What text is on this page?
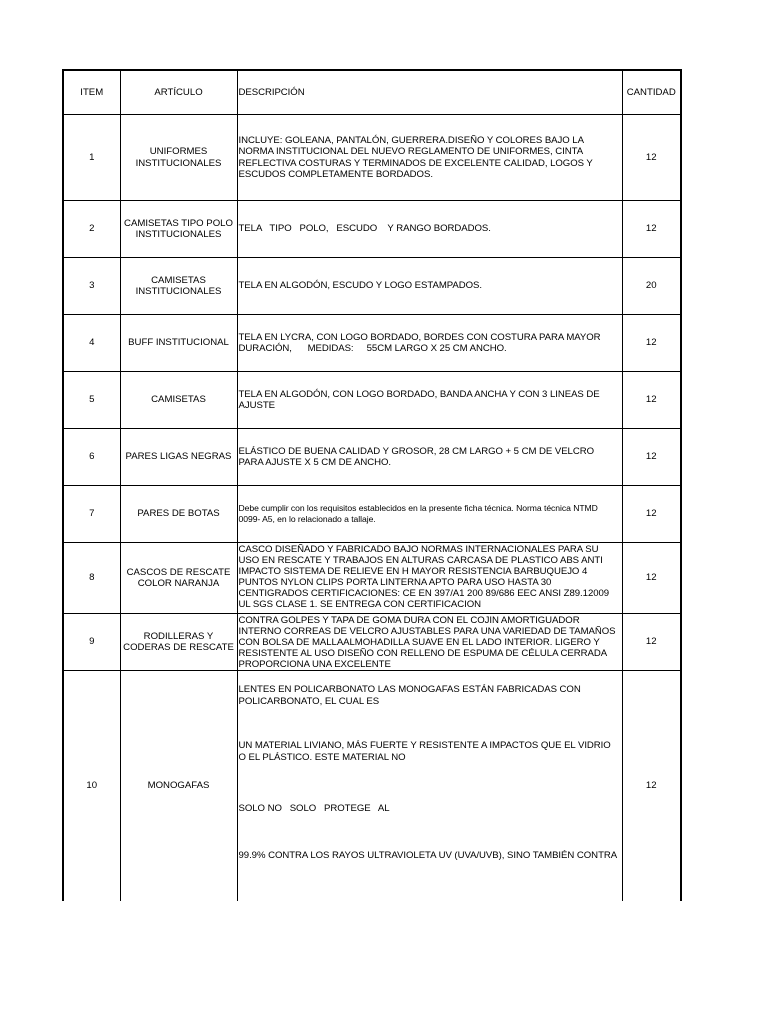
ITEM	ARTÍCULO	DESCRIPCIÓN	CANTIDAD
1	UNIFORMES INSTITUCIONALES	INCLUYE: GOLEANA, PANTALÓN, GUERRERA.DISEÑO Y COLORES BAJO LA NORMA INSTITUCIONAL DEL NUEVO REGLAMENTO DE UNIFORMES, CINTA REFLECTIVA COSTURAS Y TERMINADOS DE EXCELENTE CALIDAD, LOGOS Y ESCUDOS COMPLETAMENTE BORDADOS.	12
2	CAMISETAS TIPO POLO INSTITUCIONALES	TELA   TIPO   POLO,   ESCUDO    Y RANGO BORDADOS.	12
3	CAMISETAS INSTITUCIONALES	TELA EN ALGODÓN, ESCUDO Y LOGO ESTAMPADOS.	20
4	BUFF INSTITUCIONAL	TELA EN LYCRA, CON LOGO BORDADO, BORDES CON COSTURA PARA MAYOR DURACIÓN,      MEDIDAS:     55CM LARGO X 25 CM ANCHO.	12
5	CAMISETAS	TELA EN ALGODÓN, CON LOGO BORDADO, BANDA ANCHA Y CON 3 LINEAS DE AJUSTE	12
6	PARES LIGAS NEGRAS	ELÁSTICO DE BUENA CALIDAD Y GROSOR, 28 CM LARGO + 5 CM DE VELCRO PARA AJUSTE X 5 CM DE ANCHO.	12
7	PARES DE BOTAS	Debe cumplir con los requisitos establecidos en la presente ficha técnica. Norma técnica NTMD 0099- A5, en lo relacionado a tallaje.	12
8	CASCOS DE RESCATE COLOR NARANJA	CASCO DISEÑADO Y FABRICADO BAJO NORMAS INTERNACIONALES PARA SU USO EN RESCATE Y TRABAJOS EN ALTURAS CARCASA DE PLASTICO ABS ANTI IMPACTO SISTEMA DE RELIEVE EN H MAYOR RESISTENCIA BARBUQUEJO 4 PUNTOS NYLON CLIPS PORTA LINTERNA APTO PARA USO HASTA 30 CENTIGRADOS CERTIFICACIONES: CE EN 397/A1 200 89/686 EEC ANSI Z89.12009 UL SGS CLASE 1. SE ENTREGA CON CERTIFICACION	12
9	RODILLERAS Y CODERAS DE RESCATE	CONTRA GOLPES Y TAPA DE GOMA DURA CON EL COJIN AMORTIGUADOR INTERNO CORREAS DE VELCRO AJUSTABLES PARA UNA VARIEDAD DE TAMAÑOS CON BOLSA DE MALLAALMOHADILLA SUAVE EN EL LADO INTERIOR. LIGERO Y RESISTENTE AL USO DISEÑO CON RELLENO DE ESPUMA DE CÉLULA CERRADA PROPORCIONA UNA EXCELENTE	12
10	MONOGAFAS	LENTES EN POLICARBONATO LAS MONOGAFAS ESTÁN FABRICADAS CON POLICARBONATO, EL CUAL ES
UN MATERIAL LIVIANO, MÁS FUERTE Y RESISTENTE A IMPACTOS QUE EL VIDRIO O EL PLÁSTICO. ESTE MATERIAL NO
SOLO NO   SOLO   PROTEGE   AL
99.9% CONTRA LOS RAYOS ULTRAVIOLETA UV (UVA/UVB), SINO TAMBIÉN CONTRA	12
